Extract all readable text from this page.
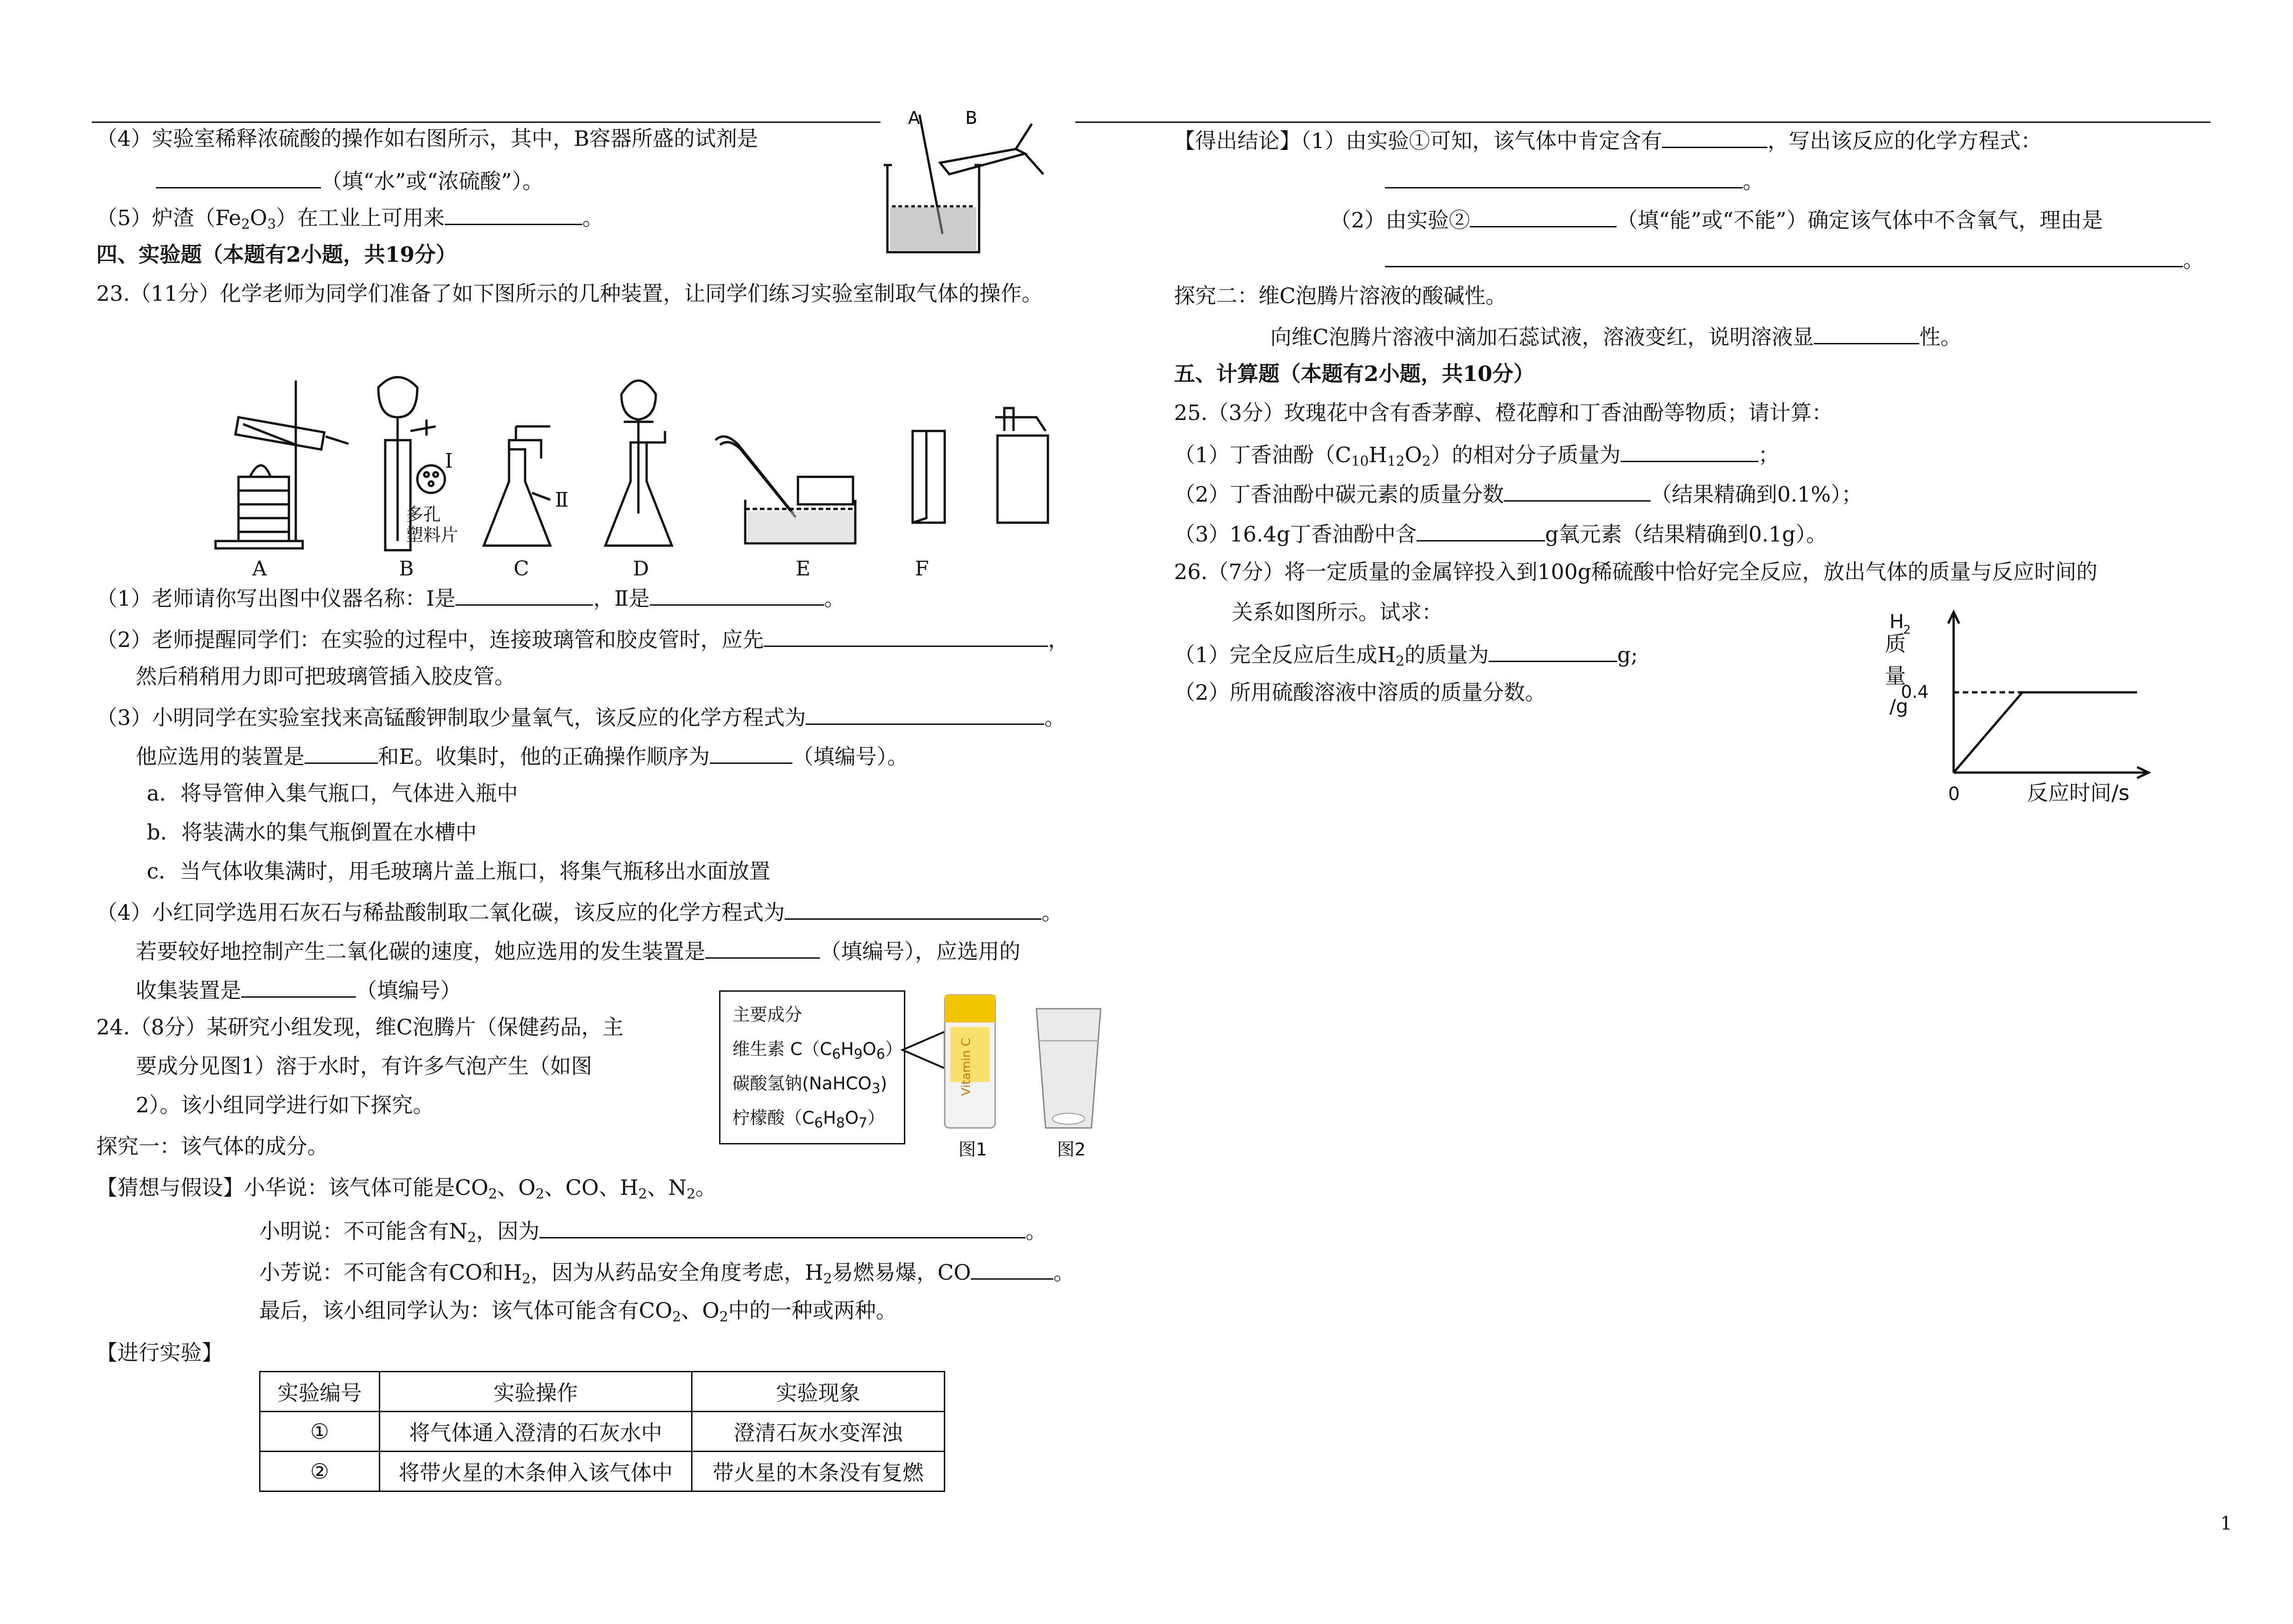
（4）实验室稀释浓硫酸的操作如右图所示，其中，B容器所盛的试剂是
（填“水”或“浓硫酸”）。
（5）炉渣$(Fe_2O_3)$在工业上可用来	。
四、实验题（本题有2小题，共19分）
23.（11分）化学老师为同学们准备了如下图所示的几种装置，让同学们练习实验室制取气体的操作。
（1）老师请你写出图中仪器名称：Ⅰ是	，Ⅱ是	。
（2）老师提醒同学们：在实验的过程中，连接玻璃管和胶皮管时，应先	，
然后稍稍用力即可把玻璃管插入胶皮管。
（3）小明同学在实验室找来高锰酸钾制取少量氧气，该反应的化学方程式为	。
他应选用的装置是	和E。收集时，他的正确操作顺序为	（填编号）。
a．将导管伸入集气瓶口，气体进入瓶中
b．将装满水的集气瓶倒置在水槽中
c．当气体收集满时，用毛玻璃片盖上瓶口，将集气瓶移出水面放置
（4）小红同学选用石灰石与稀盐酸制取二氧化碳，该反应的化学方程式为	。
若要较好地控制产生二氧化碳的速度，她应选用的发生装置是	（填编号），应选用的
收集装置是	（填编号）
24.（8分）某研究小组发现，维C泡腾片（保健药品，主
要成分见图1）溶于水时，有许多气泡产生（如图
2）。该小组同学进行如下探究。
探究一：该气体的成分。
【猜想与假设】小华说：该气体可能是$CO_2$、$O_2$、CO、$H_2$、$N_2$。
小明说：不可能含有$N_2$，因为	。
小芳说：不可能含有CO和$H_2$，因为从药品安全角度考虑，$H_2$易燃易爆，CO	。
最后，该小组同学认为：该气体可能含有$CO_2$、$O_2$中的一种或两种。
【进行实验】
A	B
A	B	C	D	E	F
I
Ⅱ
多孔
塑料片
主要成分
维生素 $C(C_6H_9O_6)$
碳酸氢钠(NaHCO$_3$)
柠檬酸$(C_6H_8O_7)$
Vitamin C
图1	图2
实验编号	实验操作	实验现象
①	将气体通入澄清的石灰水中	澄清石灰水变浑浊
②	将带火星的木条伸入该气体中	带火星的木条没有复燃
【得出结论】（1）由实验①可知，该气体中肯定含有	，写出该反应的化学方程式：
。
（2）由实验②	（填“能”或“不能”）确定该气体中不含氧气，理由是
。
探究二：维C泡腾片溶液的酸碱性。
向维C泡腾片溶液中滴加石蕊试液，溶液变红，说明溶液显	性。
五、计算题（本题有2小题，共10分）
25.（3分）玫瑰花中含有香茅醇、橙花醇和丁香油酚等物质；请计算：
（1）丁香油酚$(C_{10}H_{12}O_2)$的相对分子质量为	；
（2）丁香油酚中碳元素的质量分数	（结果精确到0.1%）；
（3）16.4g丁香油酚中含	g氧元素（结果精确到0.1g）。
26.（7分）将一定质量的金属锌投入到100g稀硫酸中恰好完全反应，放出气体的质量与反应时间的
关系如图所示。试求：
（1）完全反应后生成$H_2$的质量为	g;
（2）所用硫酸溶液中溶质的质量分数。
H
2
质
量
/g
0.4
0	反应时间/s
1
